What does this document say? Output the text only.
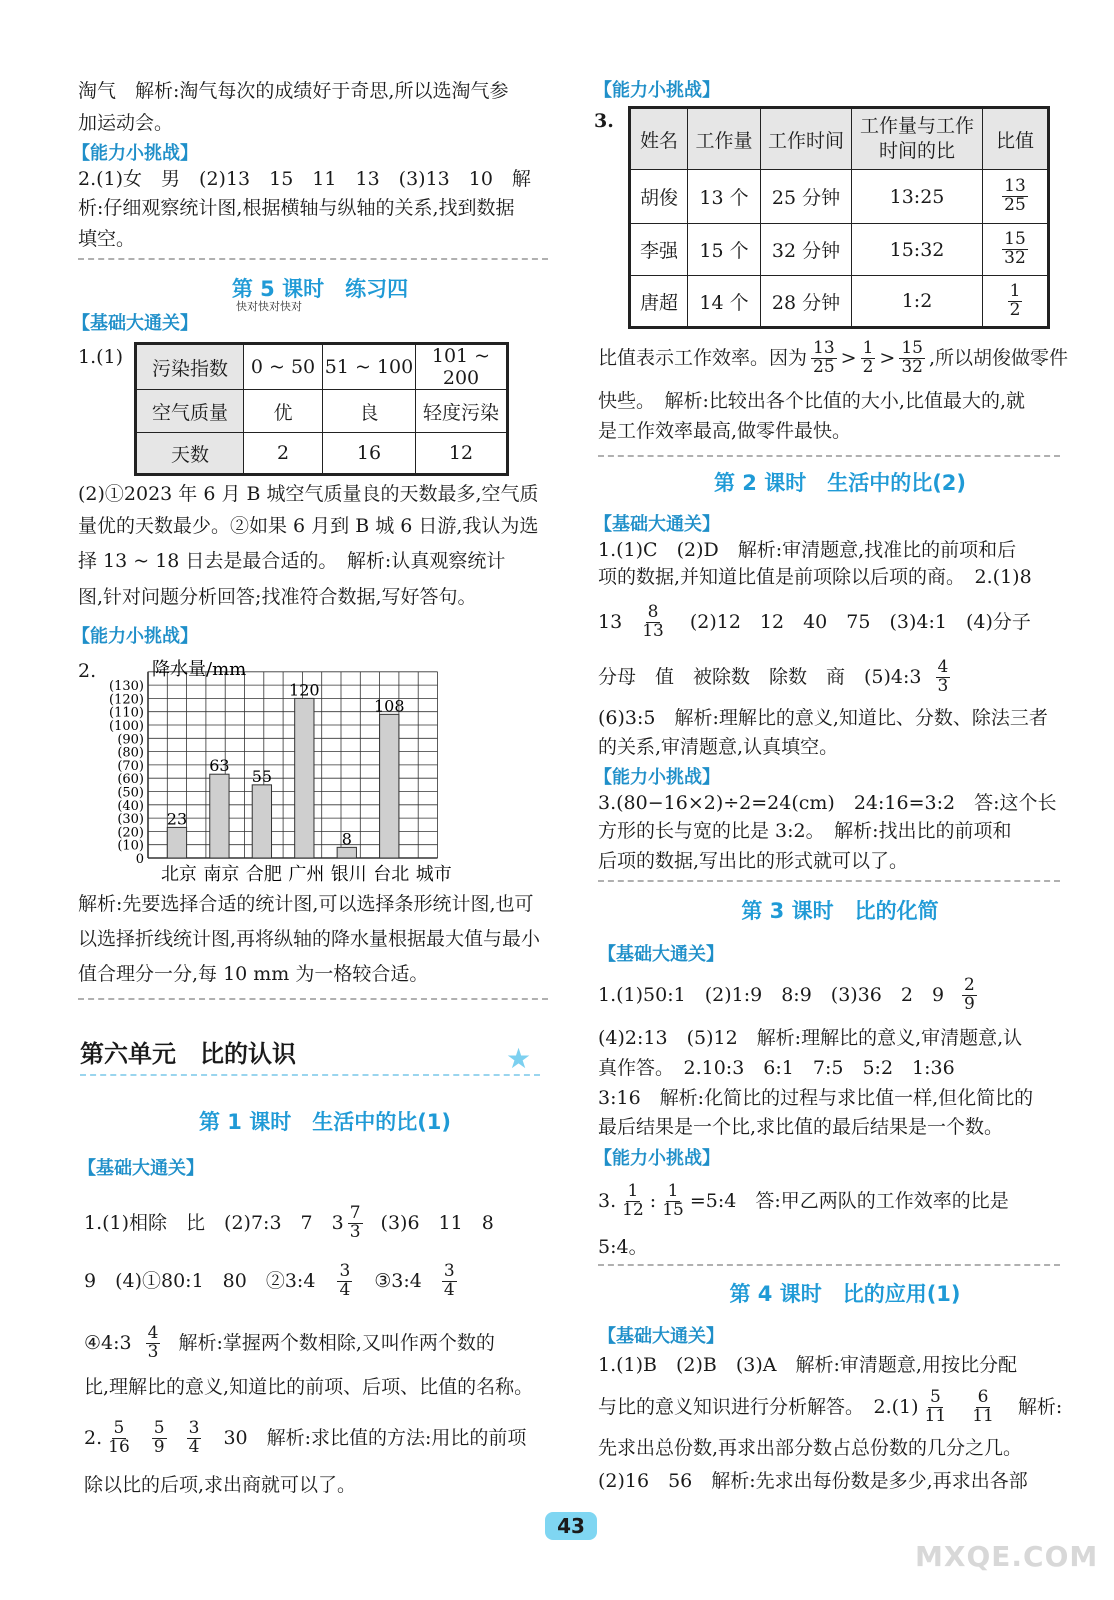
淘气　解析:淘气每次的成绩好于奇思,所以选淘气参
加运动会。
【能力小挑战】
2.(1)女　男　(2)13　15　11　13　(3)13　10　解
析:仔细观察统计图,根据横轴与纵轴的关系,找到数据
填空。
第 5 课时　练习四
快对快对快对
【基础大通关】
1.(1)
污染指数	0 ~ 50	51 ~ 100	101 ~ 200
空气质量	优	良	轻度污染
天数	2	16	12
(2)①2023 年 6 月 B 城空气质量良的天数最多,空气质
量优的天数最少。②如果 6 月到 B 城 6 日游,我认为选
择 13 ~ 18 日去是最合适的。　解析:认真观察统计
图,针对问题分析回答;找准符合数据,写好答句。
【能力小挑战】
2.
(130)
(120)
(110)
(100)
(90)
(80)
(70)
(60)
(50)
(40)
(30)
(20)
(10)
0
23
63
55
120
8
108
北京 南京 合肥 广州 银川 台北 城市
降水量/mm
解析:先要选择合适的统计图,可以选择条形统计图,也可
以选择折线统计图,再将纵轴的降水量根据最大值与最小
值合理分一分,每 10 mm 为一格较合适。
第六单元　比的认识	★
第 1 课时　生活中的比(1)
【基础大通关】
1.(1)相除　比　(2)7:3　7　$3 \frac{7}{3} (3)6$　11　8
9　(4)①80:1　80　②3:4 $\frac{3}{4}$ ③3:4 $\frac{3}{4}$
④4:3 $\frac{4}{3}$ 解析:掌握两个数相除,又叫作两个数的
比,理解比的意义,知道比的前项、后项、比值的名称。
2. $\frac{5}{16} \frac{5}{9} \frac{3}{4} 30$　解析:求比值的方法:用比的前项
除以比的后项,求出商就可以了。
【能力小挑战】
3.
姓名	工作量	工作时间	工作量与工作时间的比	比值
胡俊	13 个	25 分钟	13:25	$\frac{13}{25}$

李强	15 个	32 分钟	15:32	$\frac{15}{32}$

唐超	14 个	28 分钟	1:2	$\frac{1}{2}$
比值表示工作效率。因为 $\frac{13}{25} > \frac{1}{2} > \frac{15}{32}$ ,所以胡俊做零件
快些。　解析:比较出各个比值的大小,比值最大的,就
是工作效率最高,做零件最快。
第 2 课时　生活中的比(2)
【基础大通关】
1.(1)C　(2)D　解析:审清题意,找准比的前项和后
项的数据,并知道比值是前项除以后项的商。　2.(1)8
$13 \frac{8}{13} (2)12$　12　40　75　(3)4:1　(4)分子
分母　值　被除数　除数　商　(5)4:3 $\frac{4}{3}$
(6)3:5　解析:理解比的意义,知道比、分数、除法三者
的关系,审清题意,认真填空。
【能力小挑战】
3.(80−16×2)÷2=24(cm)　24:16=3:2　答:这个长
方形的长与宽的比是 3:2。　解析:找出比的前项和
后项的数据,写出比的形式就可以了。
第 3 课时　比的化简
【基础大通关】
1.(1)50:1　(2)1:9　8:9　(3)36　2　$9 \frac{2}{9}$
(4)2:13　(5)12　解析:理解比的意义,审清题意,认
真作答。　2.10:3　6:1　7:5　5:2　1:36
3:16　解析:化简比的过程与求比值一样,但化简比的
最后结果是一个比,求比值的最后结果是一个数。
【能力小挑战】
3. $\frac{1}{12}$ : $\frac{1}{15}$ =5:4　答:甲乙两队的工作效率的比是
5:4。
第 4 课时　比的应用(1)
【基础大通关】
1.(1)B　(2)B　(3)A　解析:审清题意,用按比分配
与比的意义知识进行分析解答。　$2.(1) \frac{5}{11} \frac{6}{11}$ 解析:
先求出总份数,再求出部分数占总份数的几分之几。
(2)16　56　解析:先求出每份数是多少,再求出各部
43
MXQE.COM
